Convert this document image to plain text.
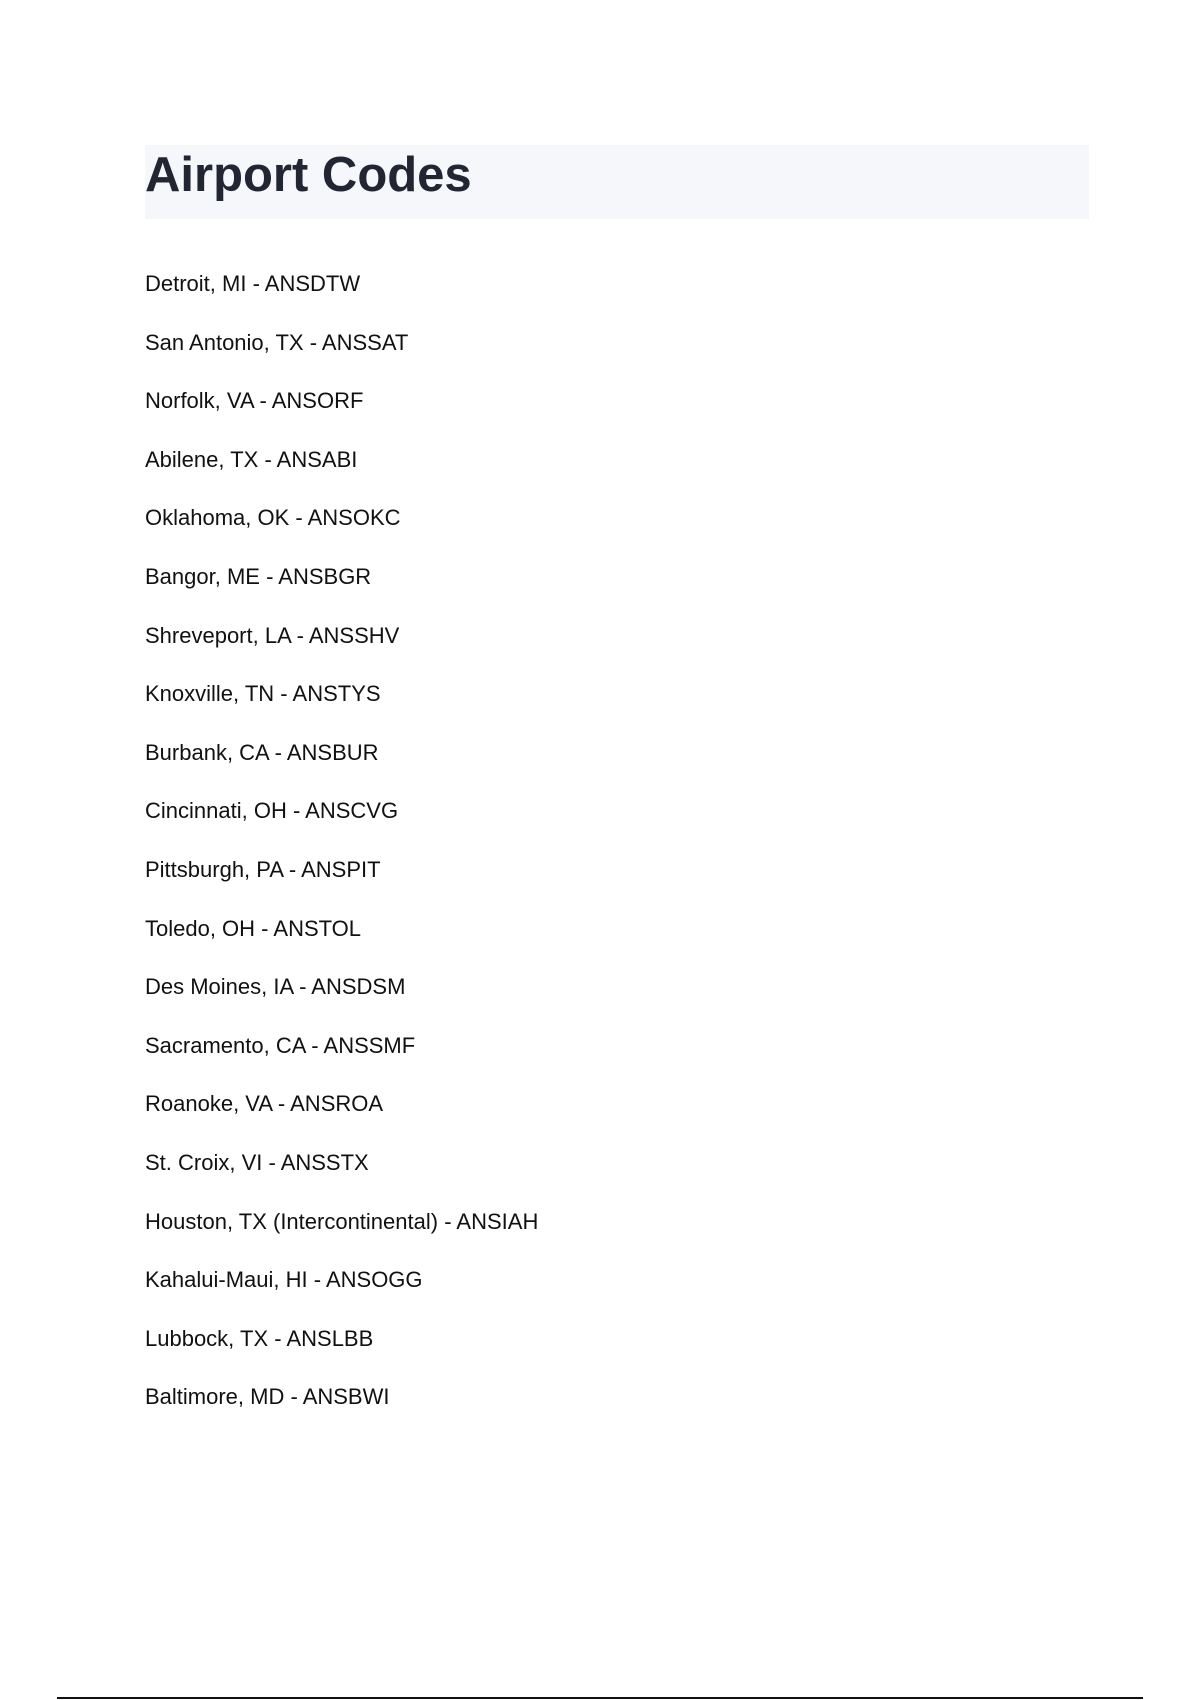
Airport Codes
Detroit, MI - ANSDTW
San Antonio, TX - ANSSAT
Norfolk, VA - ANSORF
Abilene, TX - ANSABI
Oklahoma, OK - ANSOKC
Bangor, ME - ANSBGR
Shreveport, LA - ANSSHV
Knoxville, TN - ANSTYS
Burbank, CA - ANSBUR
Cincinnati, OH - ANSCVG
Pittsburgh, PA - ANSPIT
Toledo, OH - ANSTOL
Des Moines, IA - ANSDSM
Sacramento, CA - ANSSMF
Roanoke, VA - ANSROA
St. Croix, VI - ANSSTX
Houston, TX (Intercontinental) - ANSIAH
Kahalui-Maui, HI - ANSOGG
Lubbock, TX - ANSLBB
Baltimore, MD - ANSBWI
